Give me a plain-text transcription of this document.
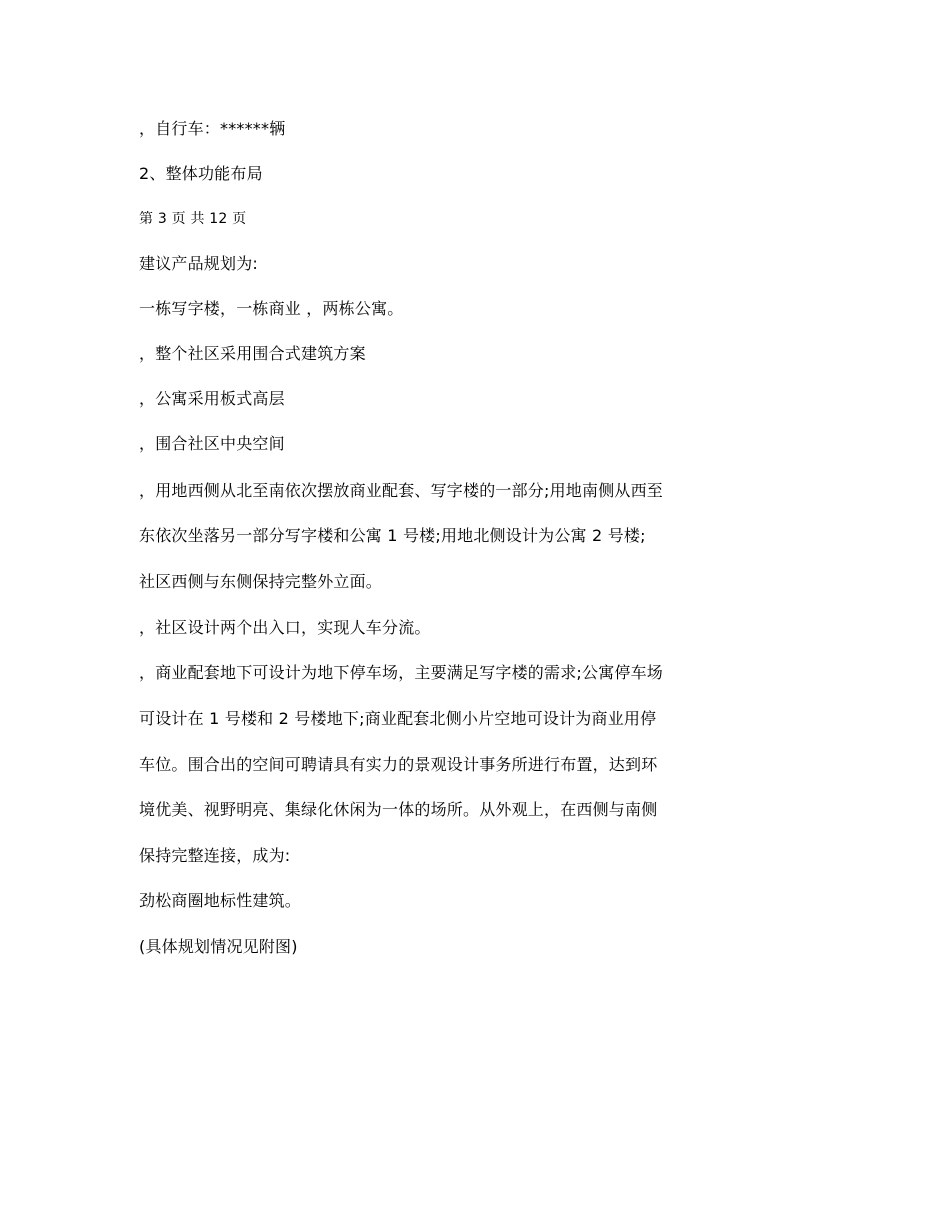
，自行车：******辆
2、整体功能布局
第 3 页 共 12 页
建议产品规划为:
一栋写字楼，一栋商业 ，两栋公寓。
，整个社区采用围合式建筑方案
，公寓采用板式高层
，围合社区中央空间
，用地西侧从北至南依次摆放商业配套、写字楼的一部分;用地南侧从西至
东依次坐落另一部分写字楼和公寓 1 号楼;用地北侧设计为公寓 2 号楼;
社区西侧与东侧保持完整外立面。
，社区设计两个出入口，实现人车分流。
，商业配套地下可设计为地下停车场，主要满足写字楼的需求;公寓停车场
可设计在 1 号楼和 2 号楼地下;商业配套北侧小片空地可设计为商业用停
车位。围合出的空间可聘请具有实力的景观设计事务所进行布置，达到环
境优美、视野明亮、集绿化休闲为一体的场所。从外观上，在西侧与南侧
保持完整连接，成为:
劲松商圈地标性建筑。
(具体规划情况见附图)
